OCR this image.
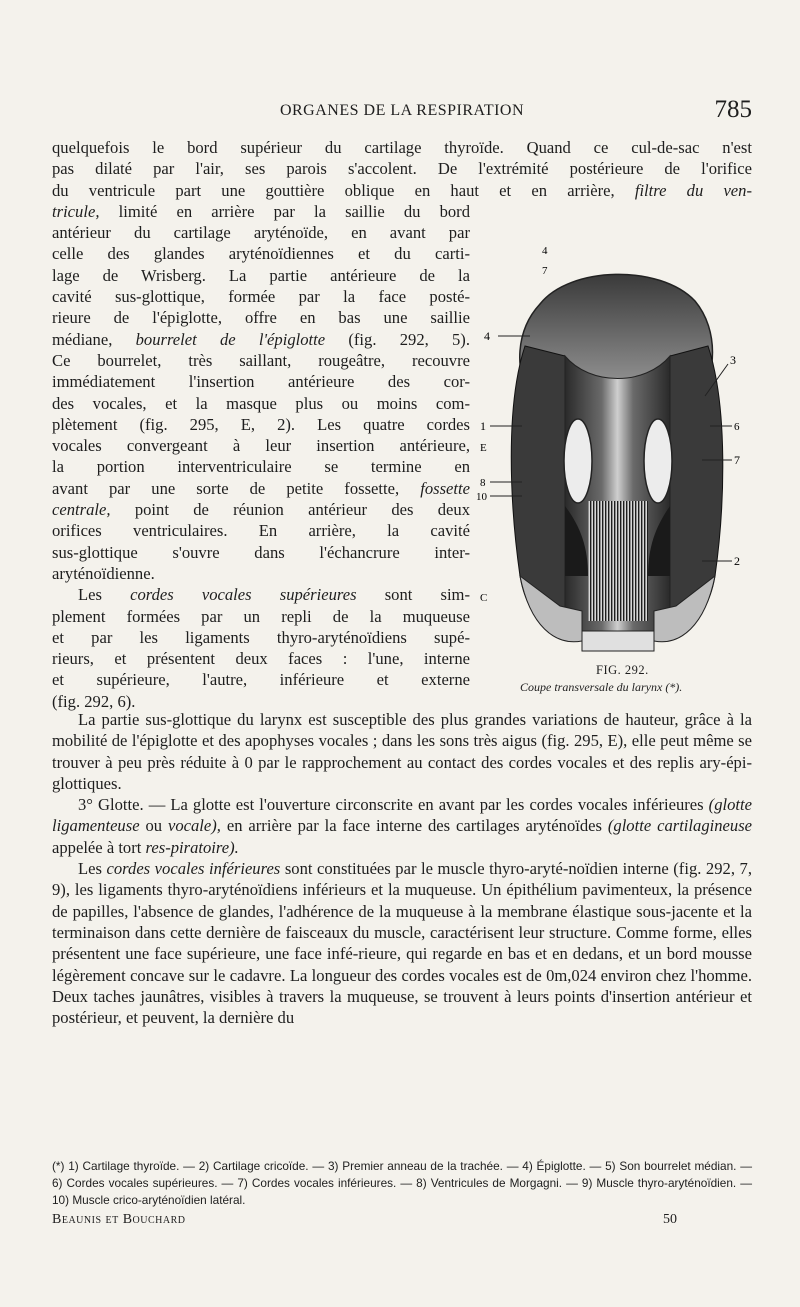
ORGANES DE LA RESPIRATION	785
quelquefois le bord supérieur du cartilage thyroïde. Quand ce cul-de-sac n'est
pas dilaté par l'air, ses parois s'accolent. De l'extrémité postérieure de l'orifice
du ventricule part une gouttière oblique en haut et en arrière, filtre du ven-
tricule, limité en arrière par la saillie du bord
antérieur du cartilage aryténoïde, en avant par
celle des glandes aryténoïdiennes et du carti-
lage de Wrisberg. La partie antérieure de la
cavité sus-glottique, formée par la face posté-
rieure de l'épiglotte, offre en bas une saillie
médiane, bourrelet de l'épiglotte (fig. 292, 5).
Ce bourrelet, très saillant, rougeâtre, recouvre
immédiatement l'insertion antérieure des cor-
des vocales, et la masque plus ou moins com-
plètement (fig. 295, E, 2). Les quatre cordes
vocales convergeant à leur insertion antérieure,
la portion interventriculaire se termine en
avant par une sorte de petite fossette, fossette
centrale, point de réunion antérieur des deux
orifices ventriculaires. En arrière, la cavité
sus-glottique s'ouvre dans l'échancrure inter-
aryténoïdienne.
Les cordes vocales supérieures sont sim-
plement formées par un repli de la muqueuse
et par les ligaments thyro-aryténoïdiens supé-
rieurs, et présentent deux faces : l'une, interne
et supérieure, l'autre, inférieure et externe
(fig. 292, 6).
4
1
E
8
10
C
4
7
3
6
7
2
FIG. 292.
Coupe transversale du larynx (*).

La partie sus-glottique du larynx est susceptible des plus grandes variations de hauteur, grâce à la mobilité de l'épiglotte et des apophyses vocales ; dans les sons très aigus (fig. 295, E), elle peut même se trouver à peu près réduite à 0 par le rapprochement au contact des cordes vocales et des replis ary-épi-glottiques.

3° Glotte. — La glotte est l'ouverture circonscrite en avant par les cordes vocales inférieures (glotte ligamenteuse ou vocale), en arrière par la face interne des cartilages aryténoïdes (glotte cartilagineuse appelée à tort res-piratoire).

Les cordes vocales inférieures sont constituées par le muscle thyro-aryté-noïdien interne (fig. 292, 7, 9), les ligaments thyro-aryténoïdiens inférieurs et la muqueuse. Un épithélium pavimenteux, la présence de papilles, l'absence de glandes, l'adhérence de la muqueuse à la membrane élastique sous-jacente et la terminaison dans cette dernière de faisceaux du muscle, caractérisent leur structure. Comme forme, elles présentent une face supérieure, une face infé-rieure, qui regarde en bas et en dedans, et un bord mousse légèrement concave sur le cadavre. La longueur des cordes vocales est de 0m,024 environ chez l'homme. Deux taches jaunâtres, visibles à travers la muqueuse, se trouvent à leurs points d'insertion antérieur et postérieur, et peuvent, la dernière du

(*) 1) Cartilage thyroïde. — 2) Cartilage cricoïde. — 3) Premier anneau de la trachée. — 4) Épiglotte. — 5) Son bourrelet médian. — 6) Cordes vocales supérieures. — 7) Cordes vocales inférieures. — 8) Ventricules de Morgagni. — 9) Muscle thyro-aryténoïdien. — 10) Muscle crico-aryténoïdien latéral.
Beaunis et Bouchard	50
